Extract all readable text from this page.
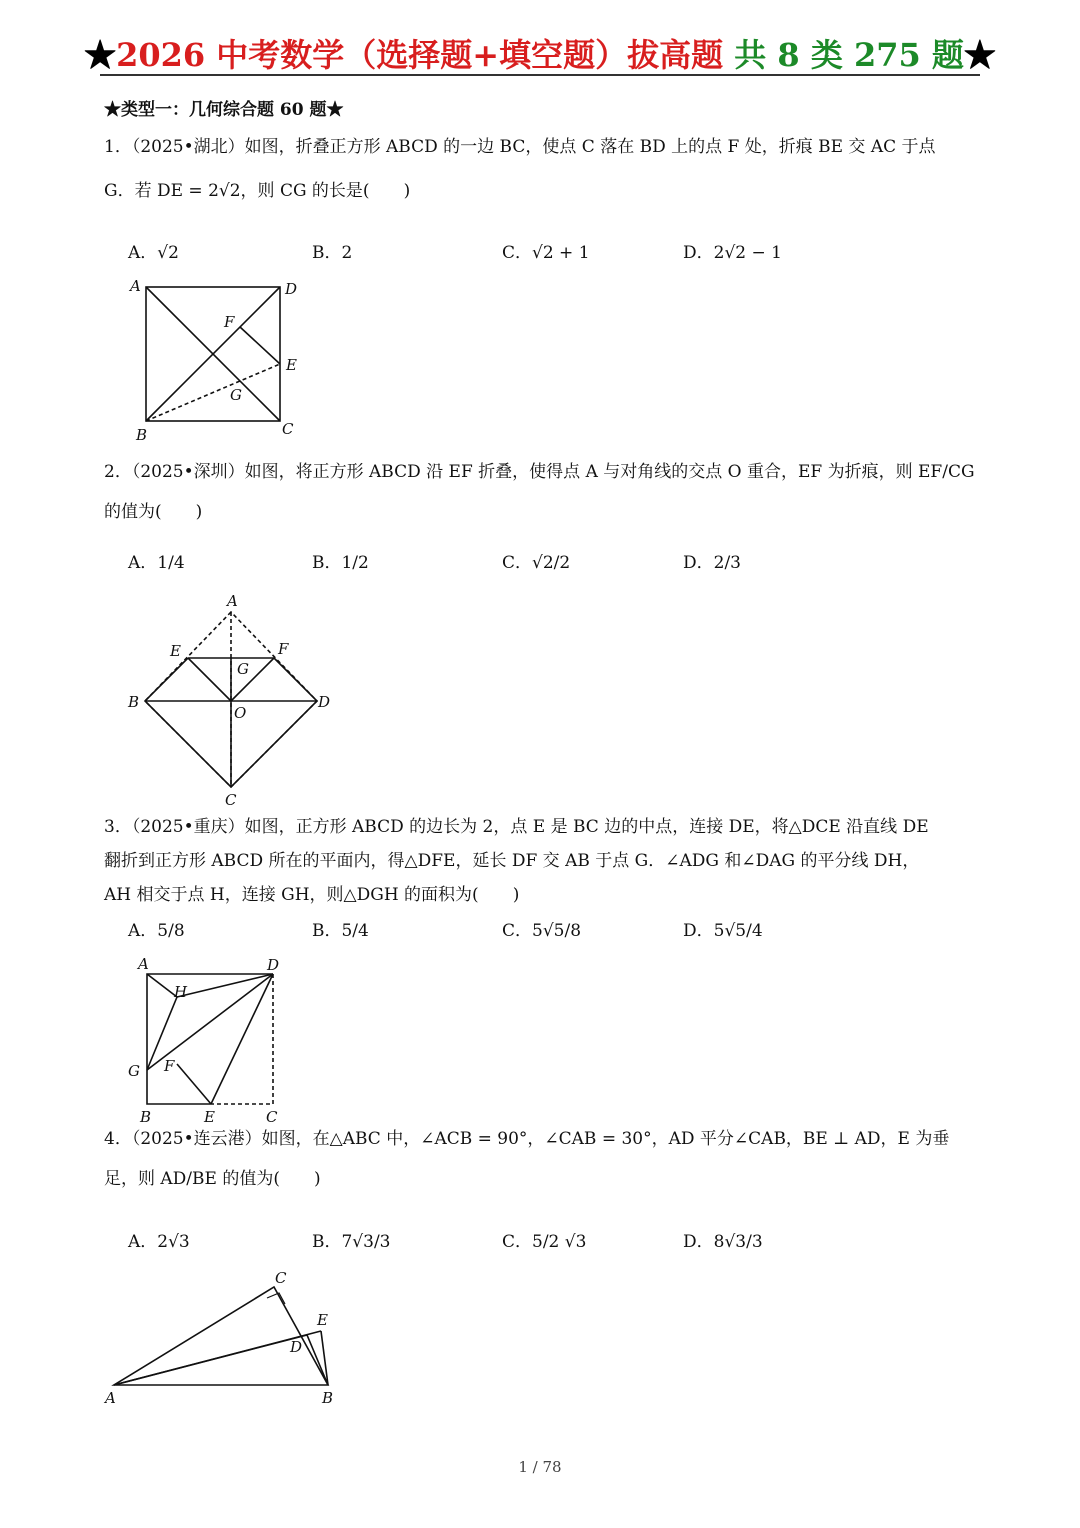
★2026 中考数学（选择题+填空题）拔高题 共 8 类 275 题★
★类型一：几何综合题 60 题★
1．（2025•湖北）如图，折叠正方形 ABCD 的一边 BC，使点 C 落在 BD 上的点 F 处，折痕 BE 交 AC 于点
G．若 DE = 2√2，则 CG 的长是(　　)
A．√2	B．2	C．√2 + 1	D．2√2 − 1
A	D
B	C
F
E
G
2．（2025•深圳）如图，将正方形 ABCD 沿 EF 折叠，使得点 A 与对角线的交点 O 重合，EF 为折痕，则 EF/CG
的值为(　　)
A．1/4	B．1/2	C．√2/2	D．2/3
A
E	F
G
B	D
O
C
3．（2025•重庆）如图，正方形 ABCD 的边长为 2，点 E 是 BC 边的中点，连接 DE，将△DCE 沿直线 DE
翻折到正方形 ABCD 所在的平面内，得△DFE，延长 DF 交 AB 于点 G．∠ADG 和∠DAG 的平分线 DH，
AH 相交于点 H，连接 GH，则△DGH 的面积为(　　)
A．5/8	B．5/4	C．5√5/8	D．5√5/4
A	D
H
G F
B	E	C
4．（2025•连云港）如图，在△ABC 中，∠ACB = 90°，∠CAB = 30°，AD 平分∠CAB，BE ⊥ AD，E 为垂
足，则 AD/BE 的值为(　　)
A．2√3	B．7√3/3	C．5/2 √3	D．8√3/3
C
E
D
A	B
1 / 78
